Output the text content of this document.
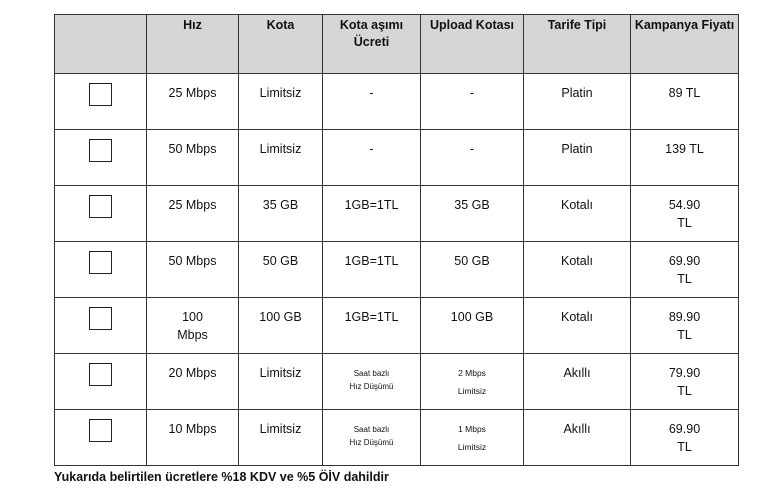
	Hız	Kota	Kota aşımı Ücreti	Upload Kotası	Tarife Tipi	Kampanya Fiyatı
	25 Mbps	Limitsiz	-	-	Platin	89 TL
	50 Mbps	Limitsiz	-	-	Platin	139 TL
	25 Mbps	35 GB	1GB=1TL	35 GB	Kotalı	54.90 TL

	50 Mbps	50 GB	1GB=1TL	50 GB	Kotalı	69.90 TL

	100 Mbps	100 GB	1GB=1TL	100 GB	Kotalı	89.90 TL

	20 Mbps	Limitsiz	Saat bazlı Hız Düşümü	2 Mbps Limitsiz	Akıllı	79.90 TL

	10 Mbps	Limitsiz	Saat bazlı Hız Düşümü	1 Mbps Limitsiz	Akıllı	69.90 TL
Yukarıda belirtilen ücretlere %18 KDV ve %5 ÖİV dahildir
